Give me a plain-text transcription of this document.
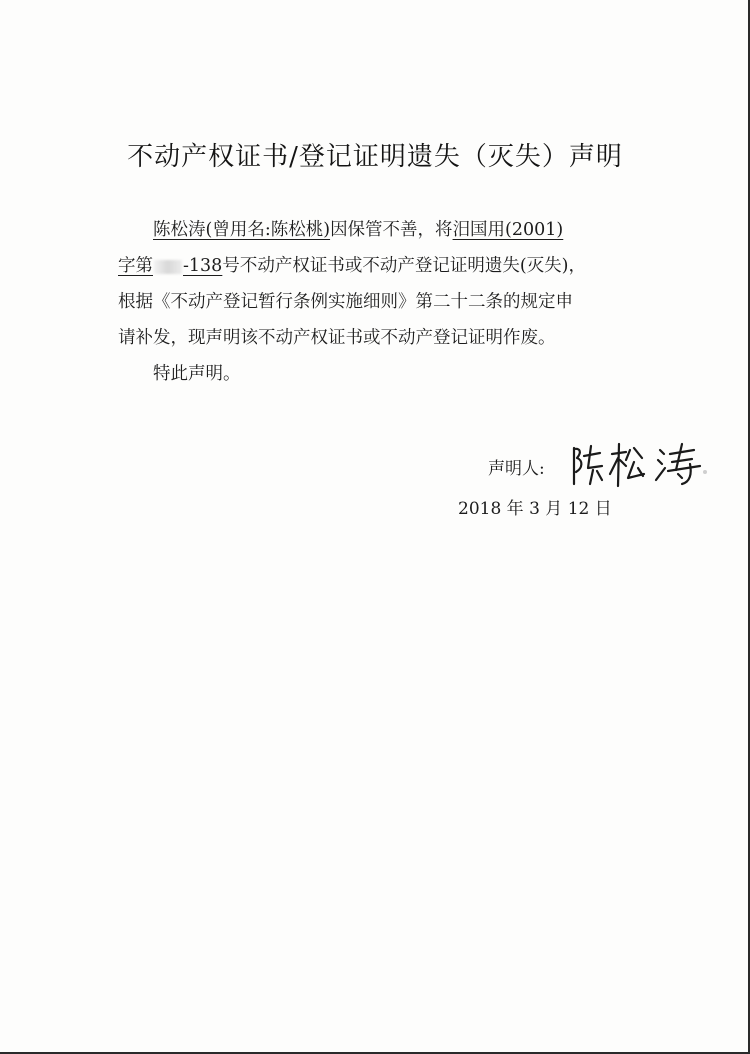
不动产权证书/登记证明遗失（灭失）声明
陈松涛(曾用名:陈松桃)因保管不善，将汨国用(2001)
字第 -138号不动产权证书或不动产登记证明遗失(灭失)，
根据《不动产登记暂行条例实施细则》第二十二条的规定申
请补发，现声明该不动产权证书或不动产登记证明作废。
特此声明。
声明人:
2018 年 3 月 12 日
